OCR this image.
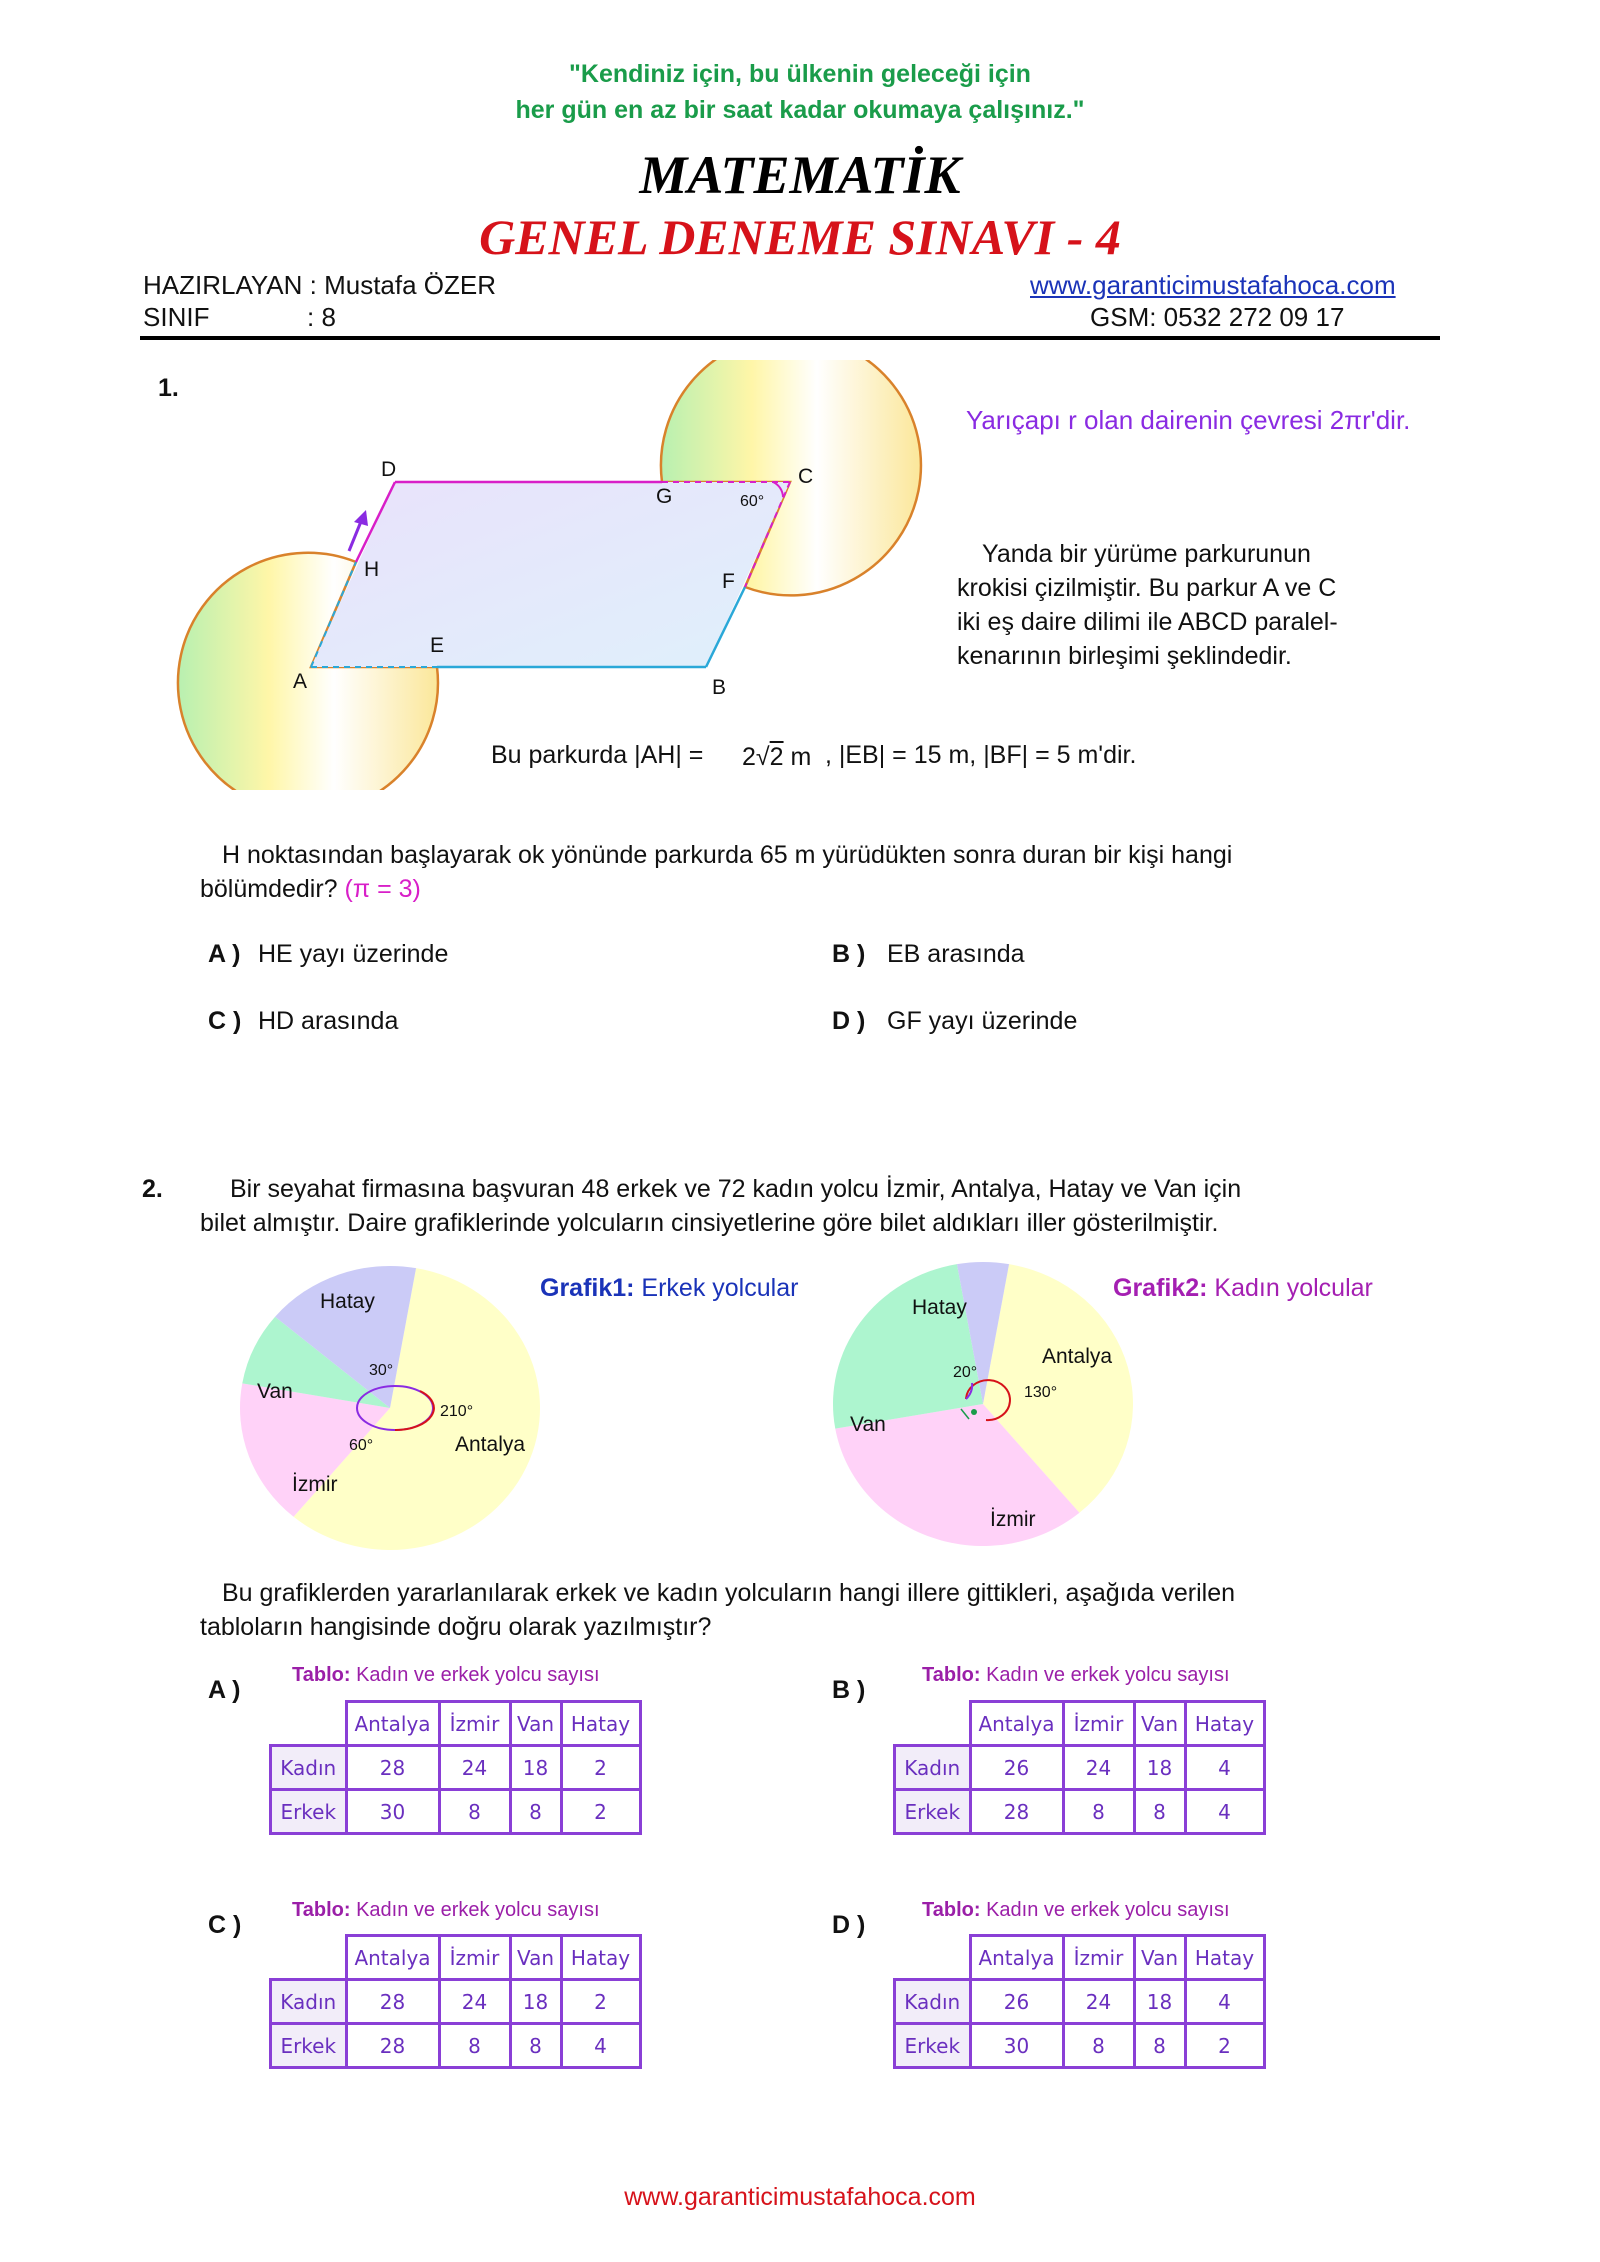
"Kendiniz için, bu ülkenin geleceği için
her gün en az bir saat kadar okumaya çalışınız."
MATEMATİK
GENEL DENEME SINAVI - 4
HAZIRLAYAN : Mustafa ÖZER
SINIF	: 8
www.garanticimustafahoca.com
GSM: 0532 272 09 17
1.
A	B
C
D
E
F
G
H
60°
Yarıçapı r olan dairenin çevresi 2πr'dir.
Yanda bir yürüme parkurunun
krokisi çizilmiştir. Bu parkur A ve C
iki eş daire dilimi ile ABCD paralel-
kenarının birleşimi şeklindedir.
Bu parkurda |AH| = 2√2 m , |EB| = 15 m, |BF| = 5 m'dir.
H noktasından başlayarak ok yönünde parkurda 65 m yürüdükten sonra duran bir kişi hangi
bölümdedir? (π = 3)
A ) HE yayı üzerinde	B ) EB arasında
C ) HD arasında	D ) GF yayı üzerinde
2.	Bir seyahat firmasına başvuran 48 erkek ve 72 kadın yolcu İzmir, Antalya, Hatay ve Van için
bilet almıştır. Daire grafiklerinde yolcuların cinsiyetlerine göre bilet aldıkları iller gösterilmiştir.
Hatay
Van
İzmir
Antalya
30°
210°
60°
Grafik1: Erkek yolcular
Hatay
Antalya
Van
İzmir
20°
130°
Grafik2: Kadın yolcular
Bu grafiklerden yararlanılarak erkek ve kadın yolcuların hangi illere gittikleri, aşağıda verilen
tabloların hangisinde doğru olarak yazılmıştır?
A )
Tablo: Kadın ve erkek yolcu sayısı
	Antalya	İzmir	Van	Hatay
Kadın	28	24	18	2
Erkek	30	8	8	2
B )
Tablo: Kadın ve erkek yolcu sayısı
	Antalya	İzmir	Van	Hatay
Kadın	26	24	18	4
Erkek	28	8	8	4
C )
Tablo: Kadın ve erkek yolcu sayısı
	Antalya	İzmir	Van	Hatay
Kadın	28	24	18	2
Erkek	28	8	8	4
D )
Tablo: Kadın ve erkek yolcu sayısı
	Antalya	İzmir	Van	Hatay
Kadın	26	24	18	4
Erkek	30	8	8	2
www.garanticimustafahoca.com
